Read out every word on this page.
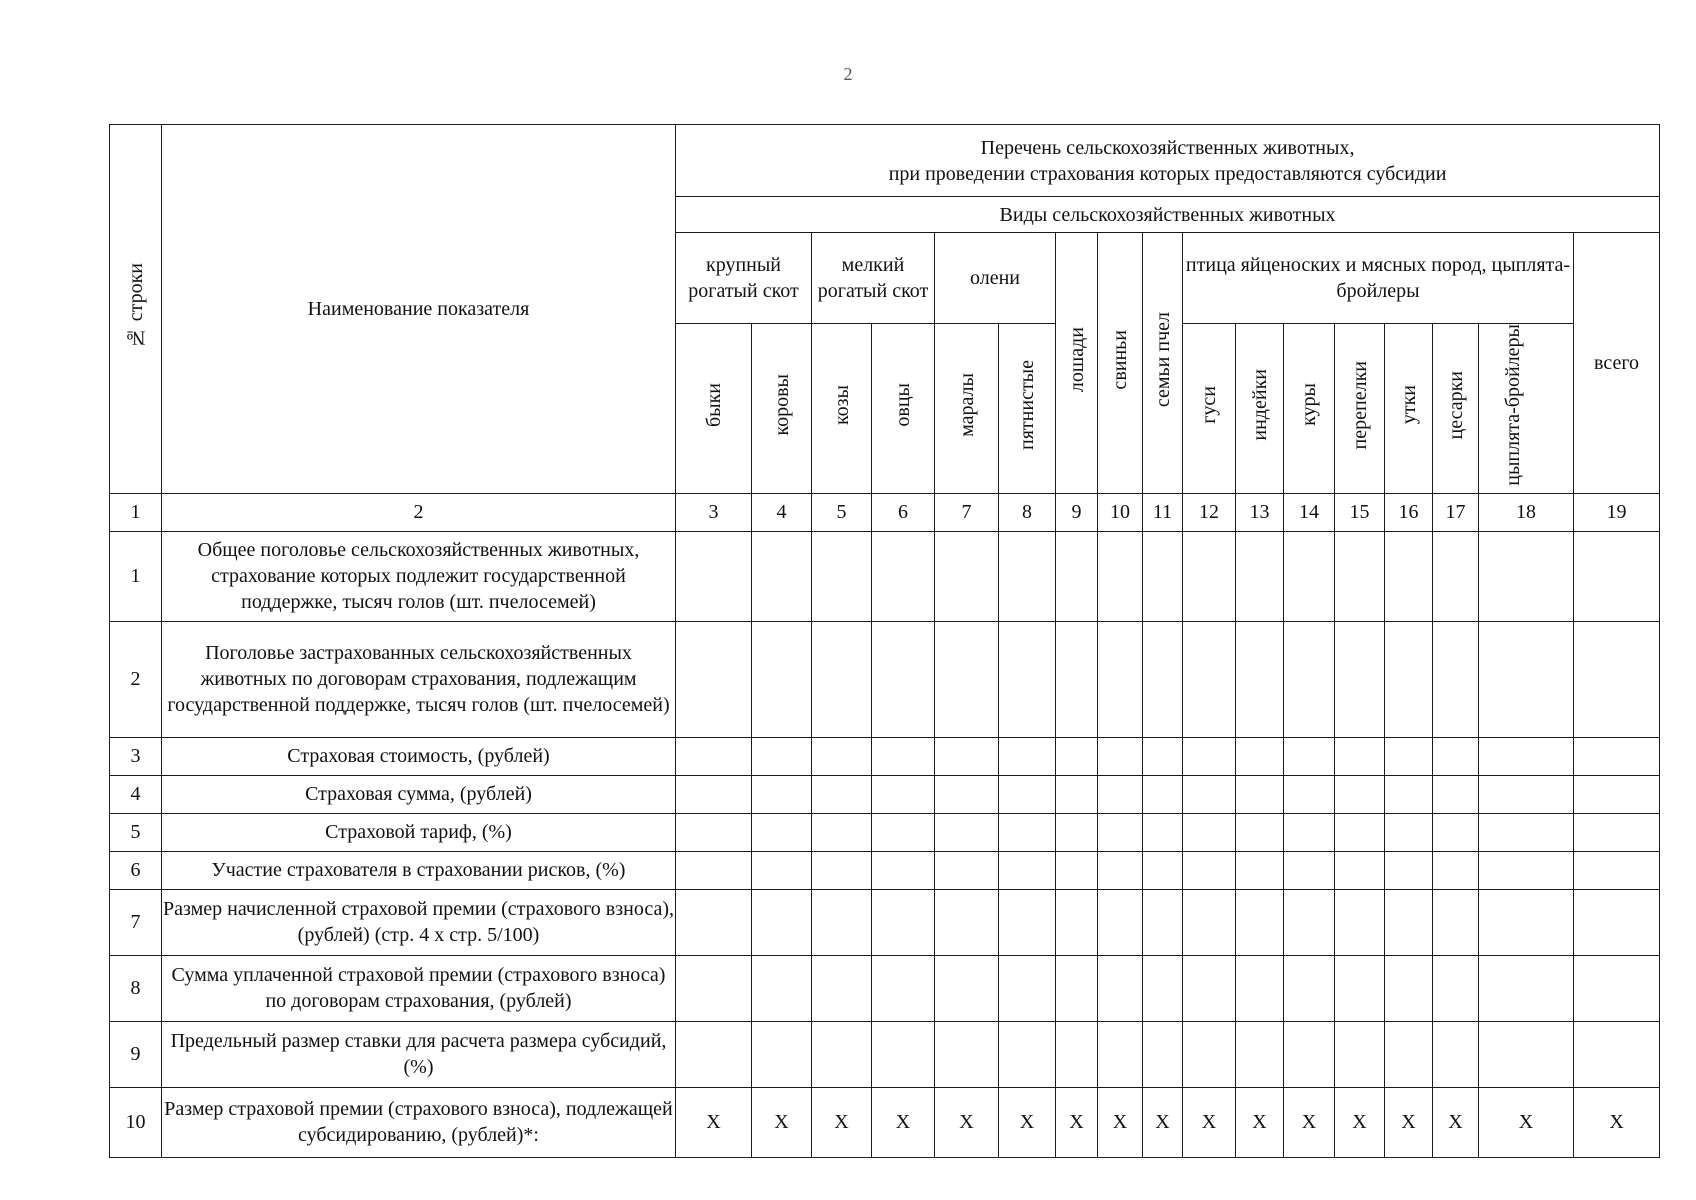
2
№ строки	Наименование показателя	Перечень сельскохозяйственных животных,
при проведении страхования которых предоставляются субсидии																	

		Виды сельскохозяйственных животных																	
		крупный рогатый скот		мелкий рогатый скот		олени		лошади	свиньи	семьи пчел	птица яйценоских и мясных пород, цыплята-бройлеры							всего	
		быки	коровы	козы	овцы	маралы	пятнистые				гуси	индейки	куры	перепелки	утки	цесарки	цыплята-бройлеры		
1	2	3	4	5	6	7	8	9	10	11	12	13	14	15	16	17	18	19	
1	Общее поголовье сельскохозяйственных животных, страхование которых подлежит государственной поддержке, тысяч голов (шт. пчелосемей)																		
2	Поголовье застрахованных сельскохозяйственных животных по договорам страхования, подлежащим государственной поддержке, тысяч голов (шт. пчелосемей)																		
3	Страховая стоимость, (рублей)																		
4	Страховая сумма, (рублей)																		
5	Страховой тариф, (%)																		
6	Участие страхователя в страховании рисков, (%)																		
7	Размер начисленной страховой премии (страхового взноса), (рублей) (стр. 4 х стр. 5/100)																		
8	Сумма уплаченной страховой премии (страхового взноса) по договорам страхования, (рублей)																		
9	Предельный размер ставки для расчета размера субсидий, (%)																		
10	Размер страховой премии (страхового взноса), подлежащей субсидированию, (рублей)*:	X	X	X	X	X	X	X	X	X	X	X	X	X	X	X	X	X	
